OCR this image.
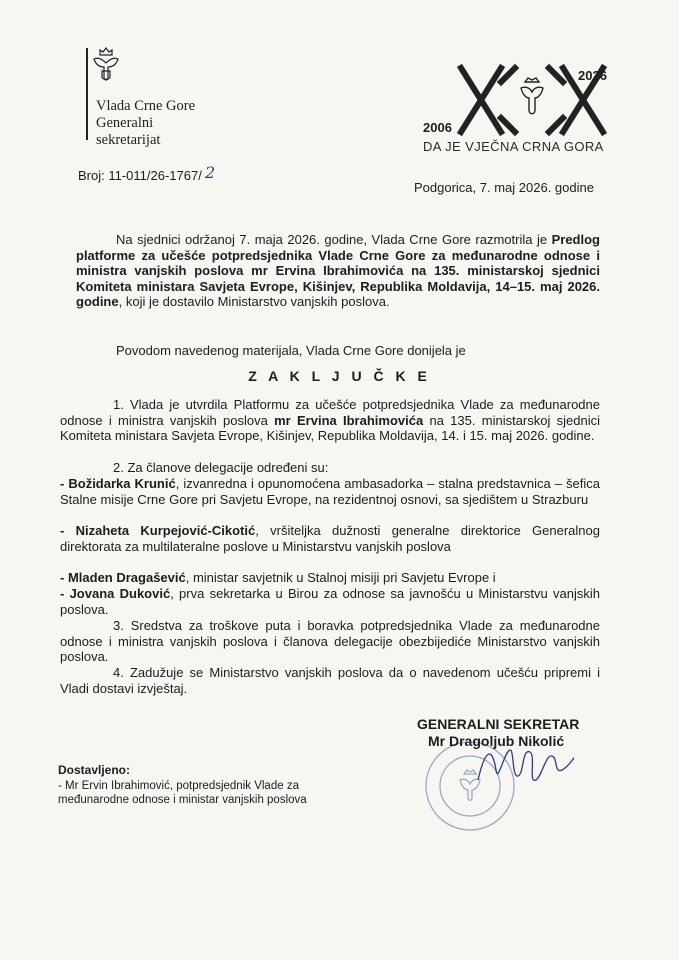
Vlada Crne Gore
Generalni
sekretarijat
2026
2006
DA JE VJEČNA CRNA GORA
Broj: 11-011/26-1767/ 2
Podgorica, 7. maj 2026. godine
Na sjednici održanoj 7. maja 2026. godine, Vlada Crne Gore razmotrila je Predlog platforme za učešće potpredsjednika Vlade Crne Gore za međunarodne odnose i ministra vanjskih poslova mr Ervina Ibrahimovića na 135. ministarskoj sjednici Komiteta ministara Savjeta Evrope, Kišinjev, Republika Moldavija, 14–15. maj 2026. godine, koji je dostavilo Ministarstvo vanjskih poslova.
Povodom navedenog materijala, Vlada Crne Gore donijela je
Z A K L J U Č K E
1. Vlada je utvrdila Platformu za učešće potpredsjednika Vlade za međunarodne odnose i ministra vanjskih poslova mr Ervina Ibrahimovića na 135. ministarskoj sjednici Komiteta ministara Savjeta Evrope, Kišinjev, Republika Moldavija, 14. i 15. maj 2026. godine.
2. Za članove delegacije određeni su:
- Božidarka Krunić, izvanredna i opunomoćena ambasadorka – stalna predstavnica – šefica Stalne misije Crne Gore pri Savjetu Evrope, na rezidentnoj osnovi, sa sjedištem u Strazburu
- Nizaheta Kurpejović-Cikotić, vršiteljka dužnosti generalne direktorice Generalnog direktorata za multilateralne poslove u Ministarstvu vanjskih poslova
- Mladen Dragašević, ministar savjetnik u Stalnoj misiji pri Savjetu Evrope i
- Jovana Duković, prva sekretarka u Birou za odnose sa javnošću u Ministarstvu vanjskih poslova.
3. Sredstva za troškove puta i boravka potpredsjednika Vlade za međunarodne odnose i ministra vanjskih poslova i članova delegacije obezbijediće Ministarstvo vanjskih poslova.
4. Zadužuje se Ministarstvo vanjskih poslova da o navedenom učešću pripremi i Vladi dostavi izvještaj.
GENERALNI SEKRETAR
Mr Dragoljub Nikolić
Dostavljeno:
- Mr Ervin Ibrahimović, potpredsjednik Vlade za
međunarodne odnose i ministar vanjskih poslova
